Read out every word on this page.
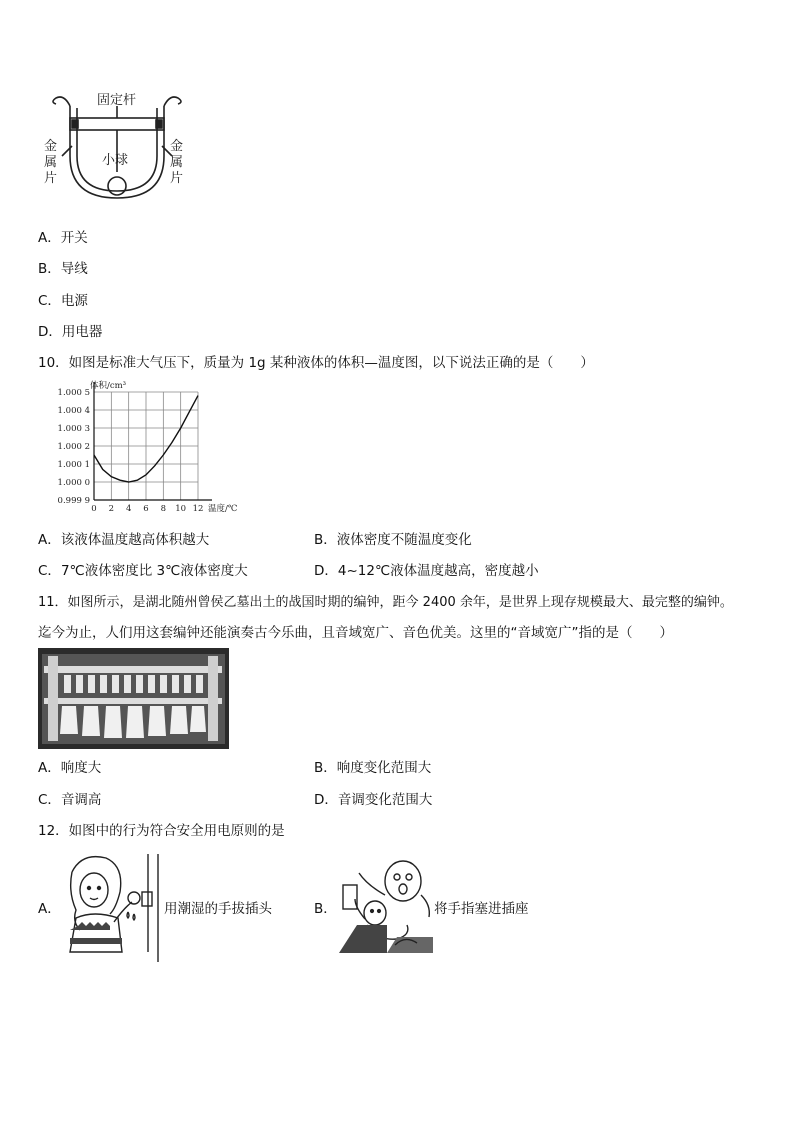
固定杆
小球
金
属
片
金
属
片
A．开关
B．导线
C．电源
D．用电器
10．如图是标准大气压下，质量为 1g 某种液体的体积—温度图，以下说法正确的是（　　）
0 2 4 6 8 10 12
0.999 9
1.000 0
1.000 1
1.000 2
1.000 3
1.000 4
1.000 5
体积/cm³
温度/℃
A．该液体温度越高体积越大	B．液体密度不随温度变化
C．7℃液体密度比 3℃液体密度大	D．4~12℃液体温度越高，密度越小
11．如图所示，是湖北随州曾侯乙墓出土的战国时期的编钟，距今 2400 余年，是世界上现存规模最大、最完整的编钟。
迄今为止，人们用这套编钟还能演奏古今乐曲，且音域宽广、音色优美。这里的“音域宽广”指的是（　　）
A．响度大	B．响度变化范围大
C．音调高	D．音调变化范围大
12．如图中的行为符合安全用电原则的是
A．	用潮湿的手拔插头	B．	将手指塞进插座
